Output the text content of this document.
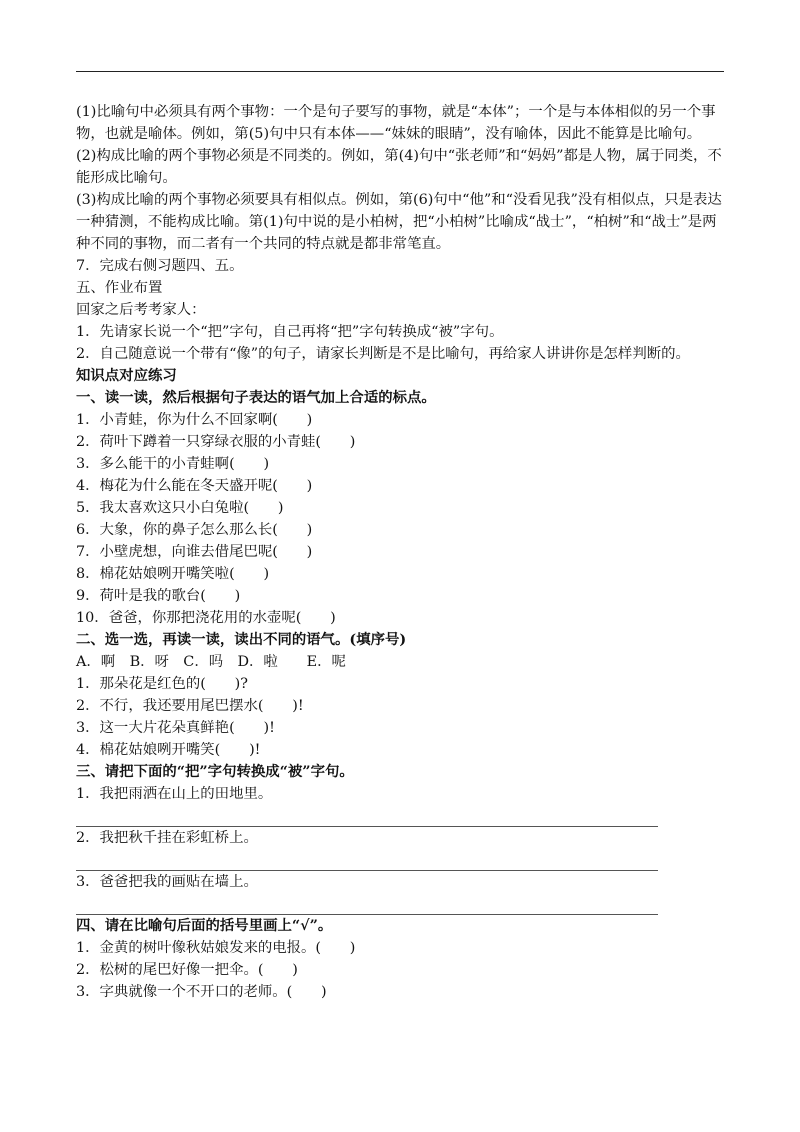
(1)比喻句中必须具有两个事物：一个是句子要写的事物，就是“本体”；一个是与本体相似的另一个事物，也就是喻体。例如，第(5)句中只有本体——“妹妹的眼睛”，没有喻体，因此不能算是比喻句。
(2)构成比喻的两个事物必须是不同类的。例如，第(4)句中“张老师”和“妈妈”都是人物，属于同类，不能形成比喻句。
(3)构成比喻的两个事物必须要具有相似点。例如，第(6)句中“他”和“没看见我”没有相似点，只是表达一种猜测，不能构成比喻。第(1)句中说的是小柏树，把“小柏树”比喻成“战士”，“柏树”和“战士”是两种不同的事物，而二者有一个共同的特点就是都非常笔直。
7．完成右侧习题四、五。
五、作业布置
回家之后考考家人：
1．先请家长说一个“把”字句，自己再将“把”字句转换成“被”字句。
2．自己随意说一个带有“像”的句子，请家长判断是不是比喻句，再给家人讲讲你是怎样判断的。
知识点对应练习
一、读一读，然后根据句子表达的语气加上合适的标点。
1．小青蛙，你为什么不回家啊(　　)
2．荷叶下蹲着一只穿绿衣服的小青蛙(　　)
3．多么能干的小青蛙啊(　　)
4．梅花为什么能在冬天盛开呢(　　)
5．我太喜欢这只小白兔啦(　　)
6．大象，你的鼻子怎么那么长(　　)
7．小壁虎想，向谁去借尾巴呢(　　)
8．棉花姑娘咧开嘴笑啦(　　)
9．荷叶是我的歌台(　　)
10．爸爸，你那把浇花用的水壶呢(　　)
二、选一选，再读一读，读出不同的语气。(填序号)
A．啊　B．呀　C．吗　D．啦　　E．呢
1．那朵花是红色的(　　)?
2．不行，我还要用尾巴摆水(　　)!
3．这一大片花朵真鲜艳(　　)!
4．棉花姑娘咧开嘴笑(　　)!
三、请把下面的“把”字句转换成“被”字句。
1．我把雨洒在山上的田地里。
2．我把秋千挂在彩虹桥上。
3．爸爸把我的画贴在墙上。
四、请在比喻句后面的括号里画上“√”。
1．金黄的树叶像秋姑娘发来的电报。(　　)
2．松树的尾巴好像一把伞。(　　)
3．字典就像一个不开口的老师。(　　)
